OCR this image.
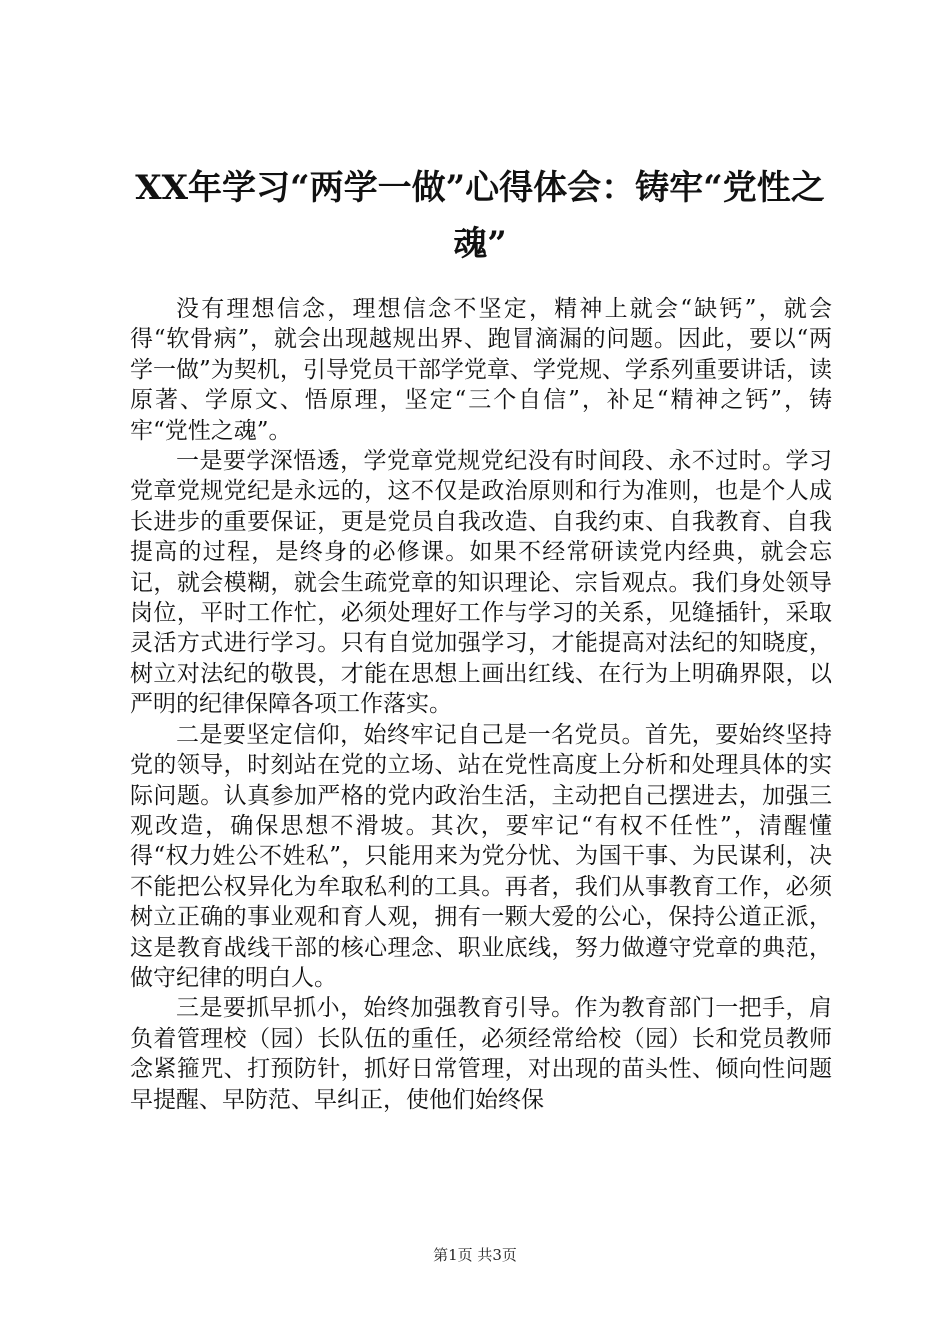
XX年学习“两学一做”心得体会：铸牢“党性之魂”

没有理想信念，理想信念不坚定，精神上就会“缺钙”，就会得“软骨病”，就会出现越规出界、跑冒滴漏的问题。因此，要以“两学一做”为契机，引导党员干部学党章、学党规、学系列重要讲话，读原著、学原文、悟原理，坚定“三个自信”，补足“精神之钙”，铸牢“党性之魂”。

一是要学深悟透，学党章党规党纪没有时间段、永不过时。学习党章党规党纪是永远的，这不仅是政治原则和行为准则，也是个人成长进步的重要保证，更是党员自我改造、自我约束、自我教育、自我提高的过程，是终身的必修课。如果不经常研读党内经典，就会忘记，就会模糊，就会生疏党章的知识理论、宗旨观点。我们身处领导岗位，平时工作忙，必须处理好工作与学习的关系，见缝插针，采取灵活方式进行学习。只有自觉加强学习，才能提高对法纪的知晓度，树立对法纪的敬畏，才能在思想上画出红线、在行为上明确界限，以严明的纪律保障各项工作落实。

二是要坚定信仰，始终牢记自己是一名党员。首先，要始终坚持党的领导，时刻站在党的立场、站在党性高度上分析和处理具体的实际问题。认真参加严格的党内政治生活，主动把自己摆进去，加强三观改造，确保思想不滑坡。其次，要牢记“有权不任性”，清醒懂得“权力姓公不姓私”，只能用来为党分忧、为国干事、为民谋利，决不能把公权异化为牟取私利的工具。再者，我们从事教育工作，必须树立正确的事业观和育人观，拥有一颗大爱的公心，保持公道正派，这是教育战线干部的核心理念、职业底线，努力做遵守党章的典范，做守纪律的明白人。

三是要抓早抓小，始终加强教育引导。作为教育部门一把手，肩负着管理校（园）长队伍的重任，必须经常给校（园）长和党员教师念紧箍咒、打预防针，抓好日常管理，对出现的苗头性、倾向性问题早提醒、早防范、早纠正，使他们始终保

第1页 共3页
